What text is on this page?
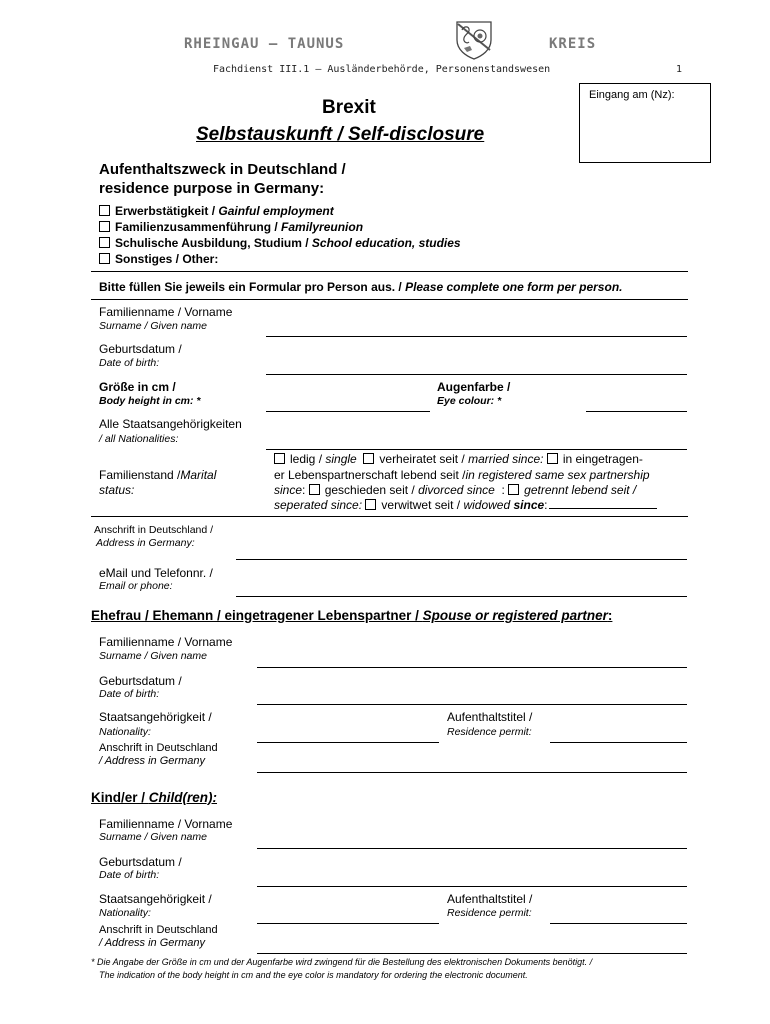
RHEINGAU – TAUNUS	KREIS
Fachdienst III.1 – Ausländerbehörde, Personenstandswesen	1
Eingang am (Nz):
Brexit
Selbstauskunft / Self-disclosure
Aufenthaltszweck in Deutschland /
residence purpose in Germany:
Erwerbstätigkeit / Gainful employment
Familienzusammenführung / Familyreunion
Schulische Ausbildung, Studium / School education, studies
Sonstiges / Other:
Bitte füllen Sie jeweils ein Formular pro Person aus. / Please complete one form per person.
Familienname / Vorname
Surname / Given name
Geburtsdatum /
Date of birth:
Größe in cm /
Body height in cm: *
Augenfarbe /
Eye colour: *
Alle Staatsangehörigkeiten
/ all Nationalities:
Familienstand /Marital
status:
ledig / single verheiratet seit / married since: in eingetragen-
er Lebenspartnerschaft lebend seit /in registered same sex partnership
since: geschieden seit / divorced since  : getrennt lebend seit /
seperated since: verwitwet seit / widowed since:
Anschrift in Deutschland /
Address in Germany:
eMail und Telefonnr. /
Email or phone:
Ehefrau / Ehemann / eingetragener Lebenspartner / Spouse or registered partner:
Familienname / Vorname
Surname / Given name
Geburtsdatum /
Date of birth:
Staatsangehörigkeit /
Nationality:
Aufenthaltstitel /
Residence permit:
Anschrift in Deutschland
/ Address in Germany
Kind/er / Child(ren):
Familienname / Vorname
Surname / Given name
Geburtsdatum /
Date of birth:
Staatsangehörigkeit /
Nationality:
Aufenthaltstitel /
Residence permit:
Anschrift in Deutschland
/ Address in Germany
* Die Angabe der Größe in cm und der Augenfarbe wird zwingend für die Bestellung des elektronischen Dokuments benötigt. /
The indication of the body height in cm and the eye color is mandatory for ordering the electronic document.
